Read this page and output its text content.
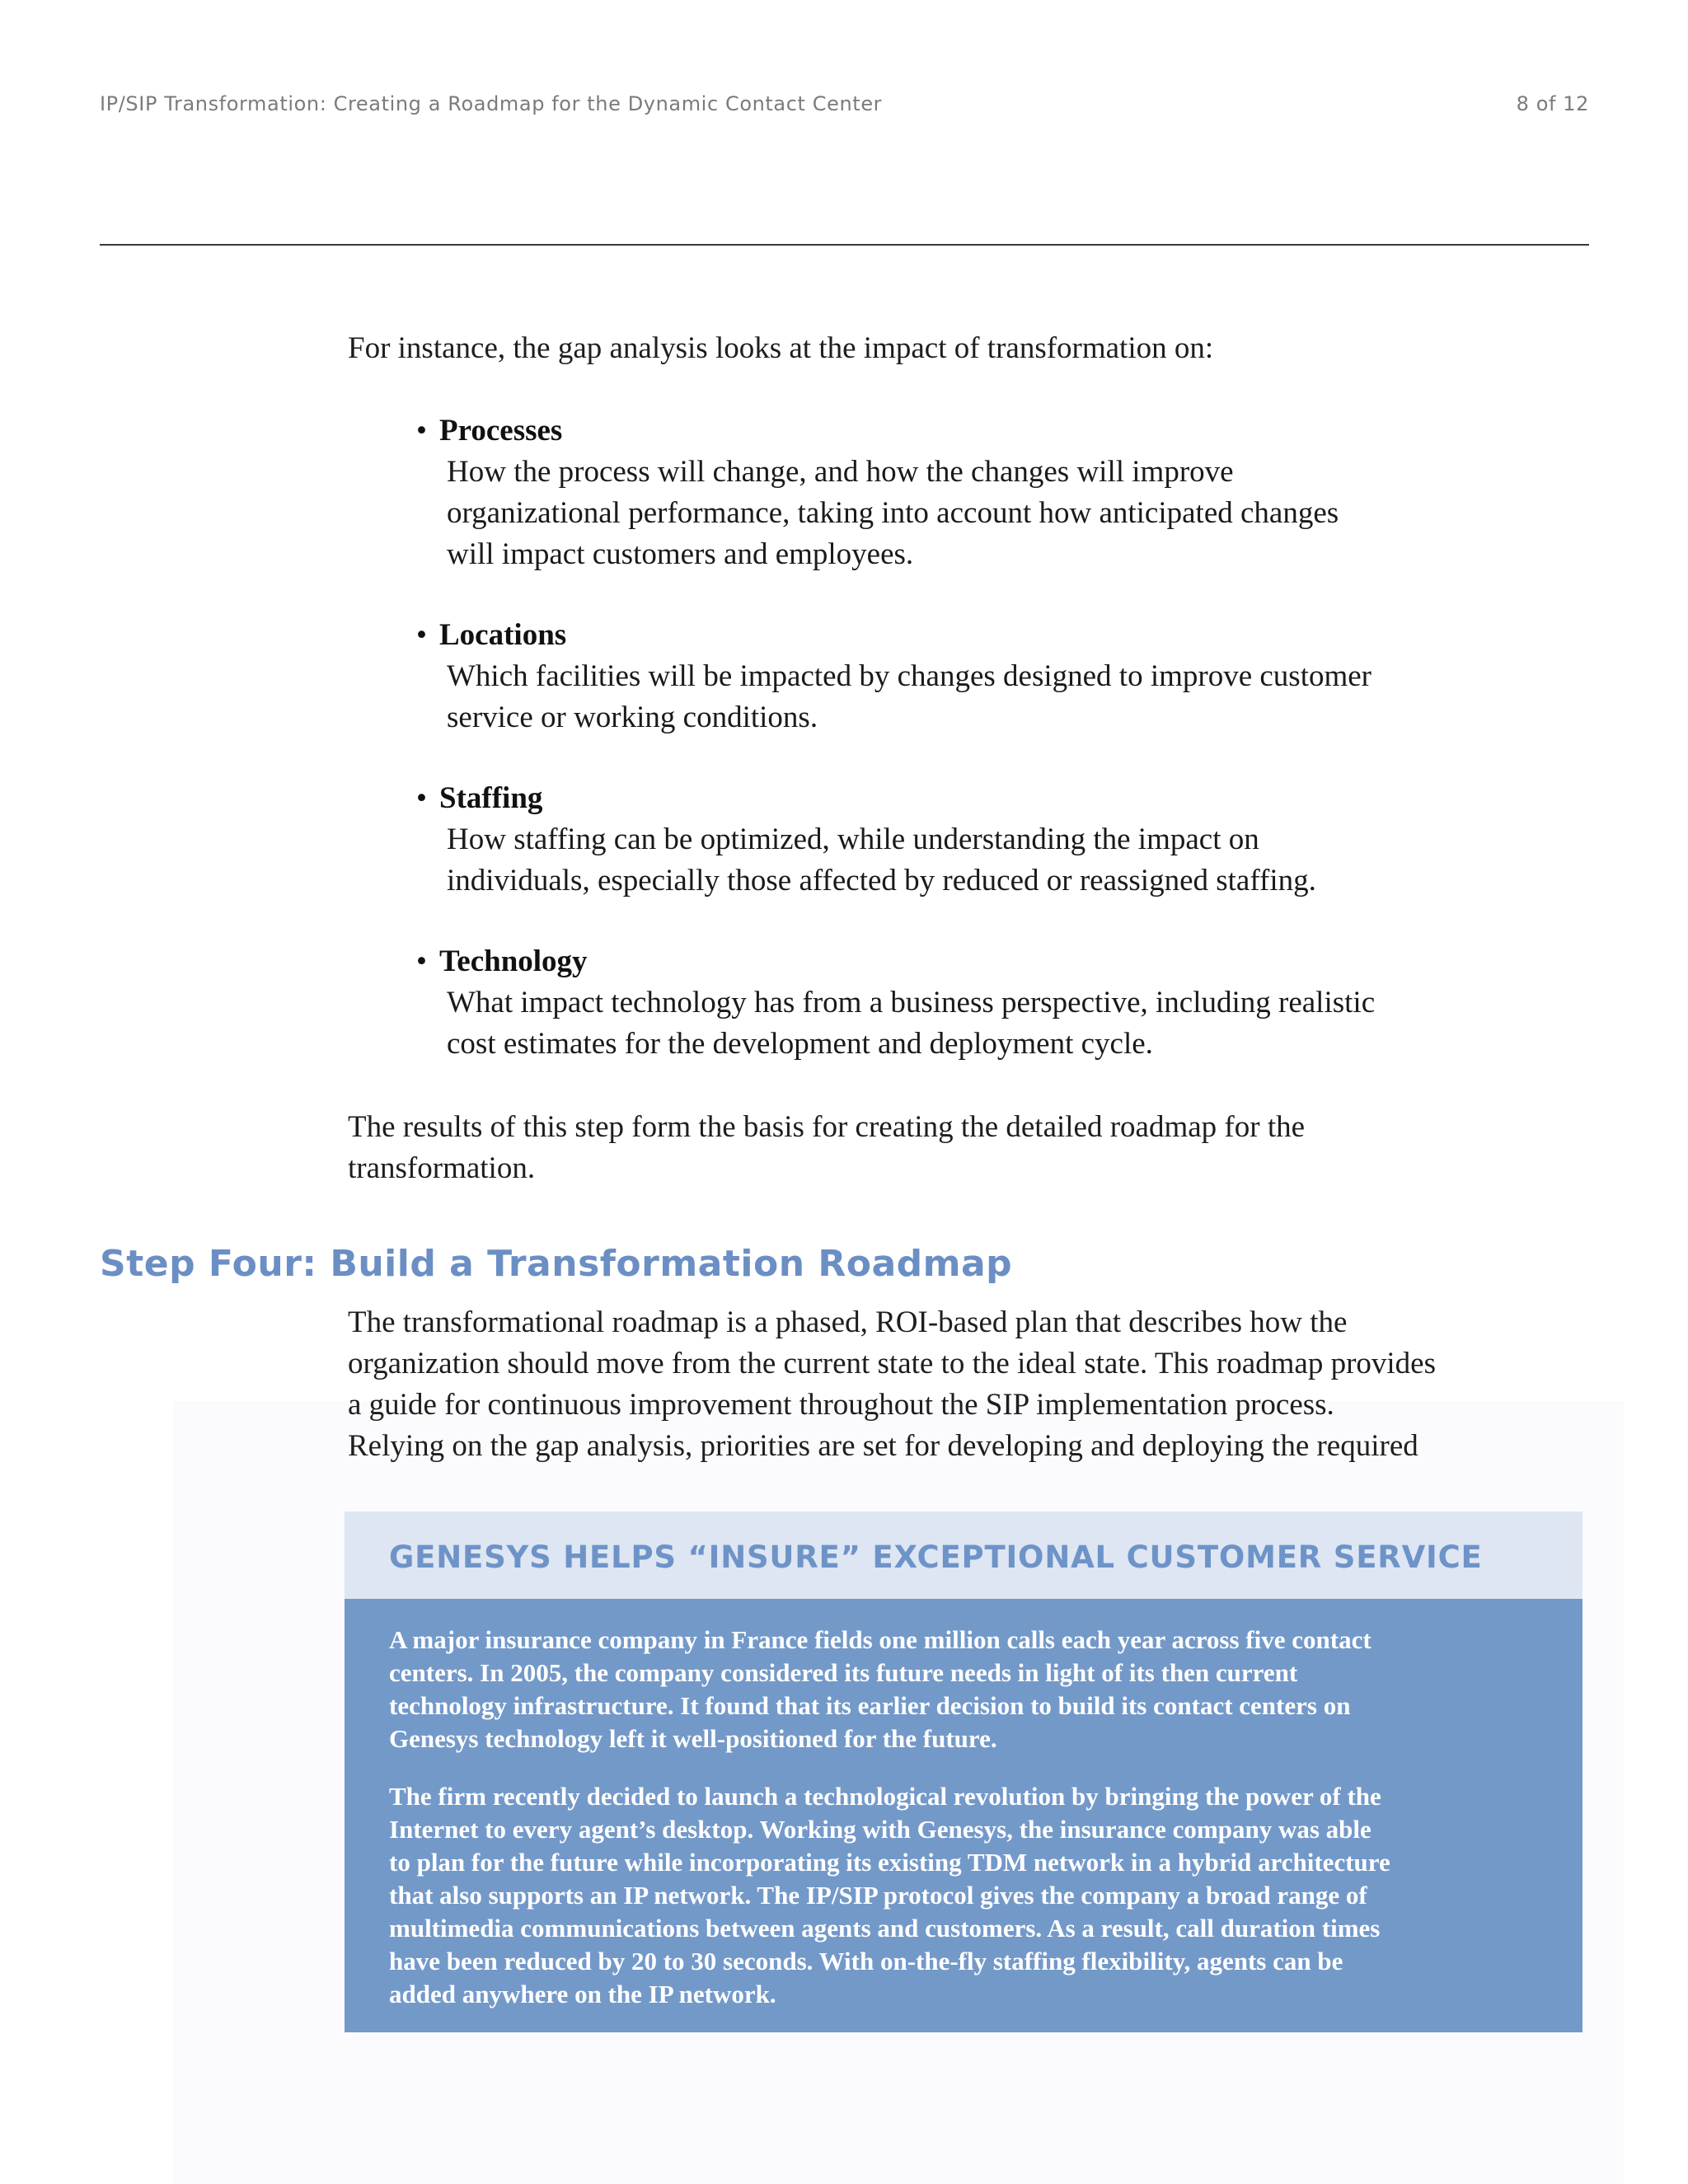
IP/SIP Transformation: Creating a Roadmap for the Dynamic Contact Center	8 of 12
For instance, the gap analysis looks at the impact of transformation on:
• Processes
How the process will change, and how the changes will improve
organizational performance, taking into account how anticipated changes
will impact customers and employees.
• Locations
Which facilities will be impacted by changes designed to improve customer
service or working conditions.
• Staffing
How staffing can be optimized, while understanding the impact on
individuals, especially those affected by reduced or reassigned staffing.
• Technology
What impact technology has from a business perspective, including realistic
cost estimates for the development and deployment cycle.
The results of this step form the basis for creating the detailed roadmap for the
transformation.
Step Four: Build a Transformation Roadmap
The transformational roadmap is a phased, ROI-based plan that describes how the
organization should move from the current state to the ideal state. This roadmap provides
a guide for continuous improvement throughout the SIP implementation process.
Relying on the gap analysis, priorities are set for developing and deploying the required
GENESYS HELPS “INSURE” EXCEPTIONAL CUSTOMER SERVICE

A major insurance company in France fields one million calls each year across five contact
centers. In 2005, the company considered its future needs in light of its then current
technology infrastructure. It found that its earlier decision to build its contact centers on
Genesys technology left it well-positioned for the future.

The firm recently decided to launch a technological revolution by bringing the power of the
Internet to every agent’s desktop. Working with Genesys, the insurance company was able
to plan for the future while incorporating its existing TDM network in a hybrid architecture
that also supports an IP network. The IP/SIP protocol gives the company a broad range of
multimedia communications between agents and customers. As a result, call duration times
have been reduced by 20 to 30 seconds. With on-the-fly staffing flexibility, agents can be
added anywhere on the IP network.
